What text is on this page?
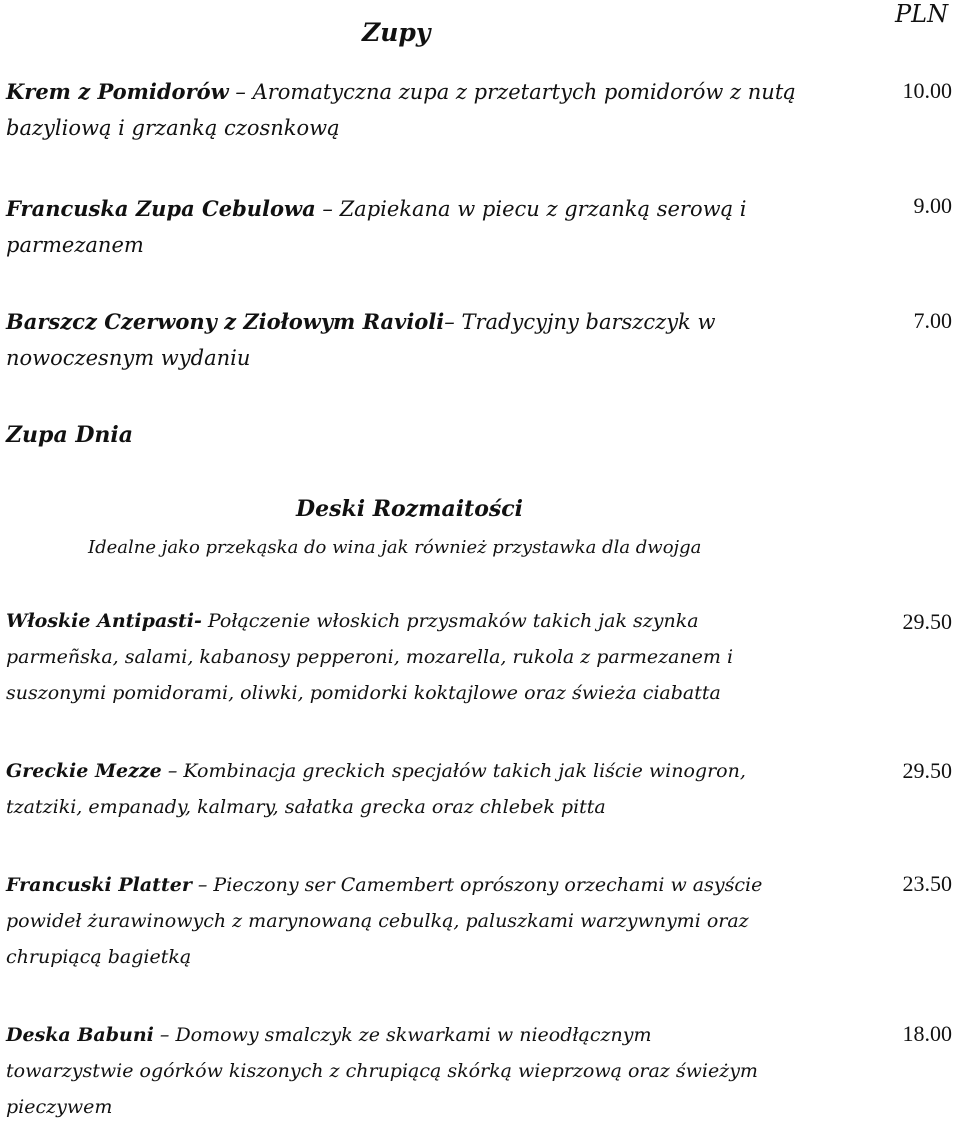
Zupy
PLN
Krem z Pomidorów – Aromatyczna zupa z przetartych pomidorów z nutą bazyliową i grzanką czosnkową
10.00
Francuska Zupa Cebulowa – Zapiekana w piecu z grzanką serową i parmezanem
9.00
Barszcz Czerwony z Ziołowym Ravioli– Tradycyjny barszczyk w nowoczesnym wydaniu
7.00
Zupa Dnia
Deski Rozmaitości
Idealne jako przekąska do wina jak również przystawka dla dwojga
Włoskie Antipasti- Połączenie włoskich przysmaków takich jak szynka parmeñska, salami, kabanosy pepperoni, mozarella, rukola z parmezanem i suszonymi pomidorami, oliwki, pomidorki koktajlowe oraz świeża ciabatta
29.50
Greckie Mezze – Kombinacja greckich specjałów takich jak liście winogron, tzatziki, empanady, kalmary, sałatka grecka oraz chlebek pitta
29.50
Francuski Platter – Pieczony ser Camembert oprószony orzechami w asyście powideł żurawinowych z marynowaną cebulką, paluszkami warzywnymi oraz chrupiącą bagietką
23.50
Deska Babuni – Domowy smalczyk ze skwarkami w nieodłącznym towarzystwie ogórków kiszonych z chrupiącą skórką wieprzową oraz świeżym pieczywem
18.00
